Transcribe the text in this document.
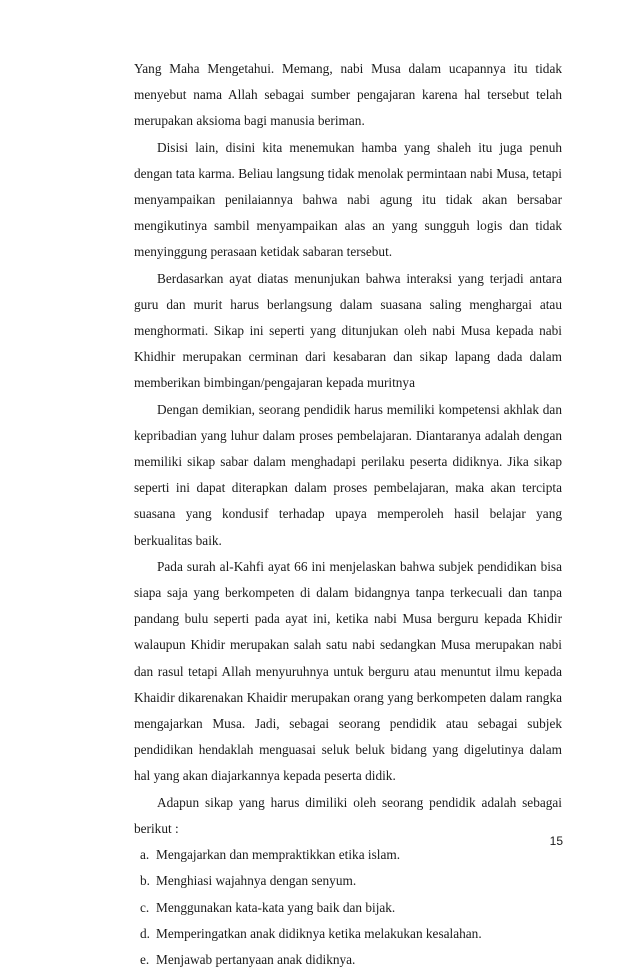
Yang Maha Mengetahui. Memang, nabi Musa dalam ucapannya itu tidak menyebut nama Allah sebagai sumber pengajaran karena hal tersebut telah merupakan aksioma bagi manusia beriman.

Disisi lain, disini kita menemukan hamba yang shaleh itu juga penuh dengan tata karma. Beliau langsung tidak menolak permintaan nabi Musa, tetapi menyampaikan penilaiannya bahwa nabi agung itu tidak akan bersabar mengikutinya sambil menyampaikan alas an yang sungguh logis dan tidak menyinggung perasaan ketidak sabaran tersebut.

Berdasarkan ayat diatas menunjukan bahwa interaksi yang terjadi antara guru dan murit harus berlangsung dalam suasana saling menghargai atau menghormati. Sikap ini seperti yang ditunjukan oleh nabi Musa kepada nabi Khidhir merupakan cerminan dari kesabaran dan sikap lapang dada dalam memberikan bimbingan/pengajaran kepada muritnya

Dengan demikian, seorang pendidik harus memiliki kompetensi akhlak dan kepribadian yang luhur dalam proses pembelajaran. Diantaranya adalah dengan memiliki sikap sabar dalam menghadapi perilaku peserta didiknya. Jika sikap seperti ini dapat diterapkan dalam proses pembelajaran, maka akan tercipta suasana yang kondusif terhadap upaya memperoleh hasil belajar yang berkualitas baik.

Pada surah al-Kahfi ayat 66 ini menjelaskan bahwa subjek pendidikan bisa siapa saja yang berkompeten di dalam bidangnya tanpa terkecuali dan tanpa pandang bulu seperti pada ayat ini, ketika nabi Musa berguru kepada Khidir walaupun Khidir merupakan salah satu nabi sedangkan Musa merupakan nabi dan rasul tetapi Allah menyuruhnya untuk berguru atau menuntut ilmu kepada Khaidir dikarenakan Khaidir merupakan orang yang berkompeten dalam rangka mengajarkan Musa. Jadi, sebagai seorang pendidik atau sebagai subjek pendidikan hendaklah menguasai seluk beluk bidang yang digelutinya dalam hal yang akan diajarkannya kepada peserta didik.

Adapun sikap yang harus dimiliki oleh seorang pendidik adalah sebagai berikut :

a. Mengajarkan dan mempraktikkan etika islam.
b. Menghiasi wajahnya dengan senyum.
c. Menggunakan kata-kata yang baik dan bijak.
d. Memperingatkan anak didiknya ketika melakukan kesalahan.
e. Menjawab pertanyaan anak didiknya.
15
